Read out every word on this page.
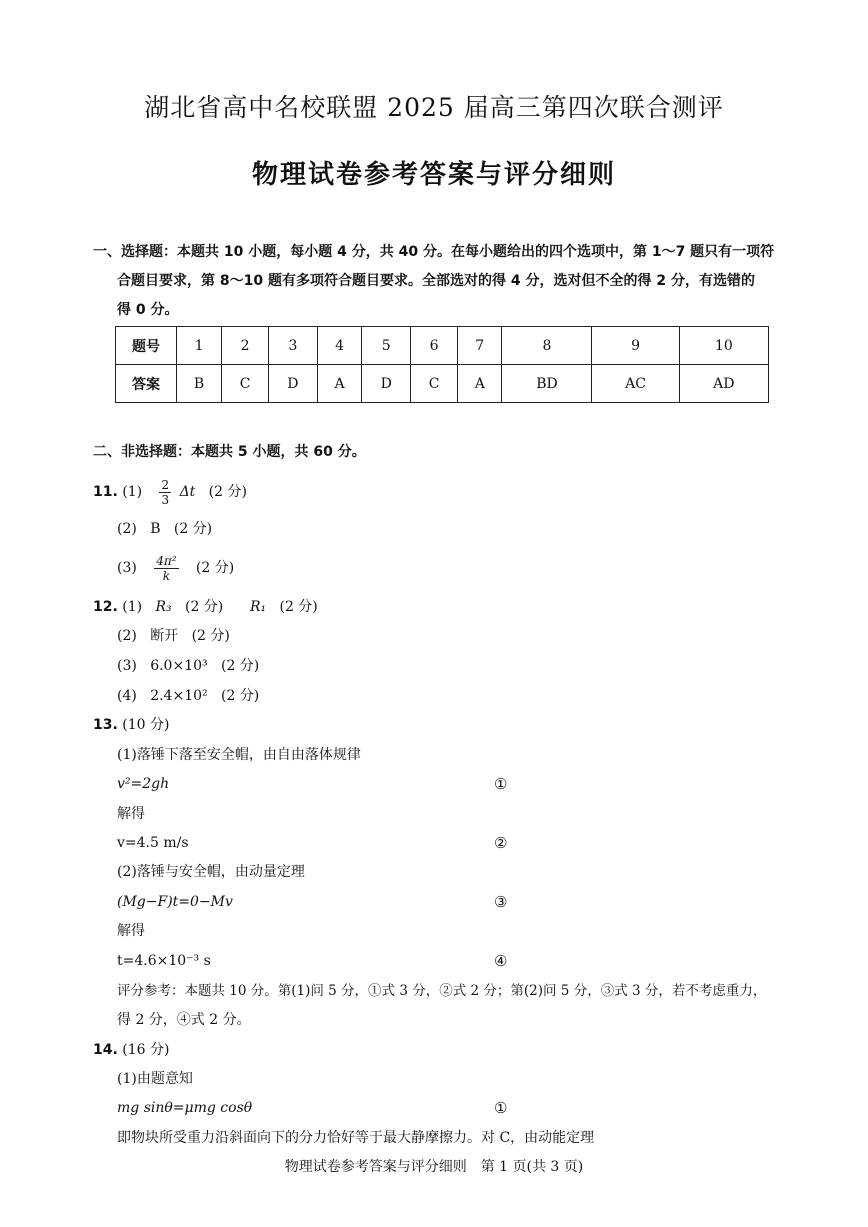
湖北省高中名校联盟 2025 届高三第四次联合测评
物理试卷参考答案与评分细则
一、选择题：本题共 10 小题，每小题 4 分，共 40 分。在每小题给出的四个选项中，第 1～7 题只有一项符
合题目要求，第 8～10 题有多项符合题目要求。全部选对的得 4 分，选对但不全的得 2 分，有选错的
得 0 分。
题号	1	2	3	4	5	6	7	8	9	10
答案	B	C	D	A	D	C	A	BD	AC	AD
二、非选择题：本题共 5 小题，共 60 分。
11. $(1) \frac{2}{3}$ Δt (2 分)
(2) B (2 分)
$(3) \frac{\text{4π²}}{k} (2$ 分)
12. (1) R₃ (2 分) R₁ (2 分)
(2) 断开 (2 分)
(3) 6.0×10³ (2 分)
(4) 2.4×10² (2 分)
13. (10 分)
(1)落锤下落至安全帽，由自由落体规律
v²=2gh	①
解得
v=4.5 m/s	②
(2)落锤与安全帽，由动量定理
(Mg−F)t=0−Mv	③
解得
t=4.6×10⁻³ s	④
评分参考：本题共 10 分。第(1)问 5 分，①式 3 分，②式 2 分；第(2)问 5 分，③式 3 分，若不考虑重力，
得 2 分，④式 2 分。
14. (16 分)
(1)由题意知
mg sinθ=μmg cosθ	①
即物块所受重力沿斜面向下的分力恰好等于最大静摩擦力。对 C，由动能定理
物理试卷参考答案与评分细则　第 1 页(共 3 页)
